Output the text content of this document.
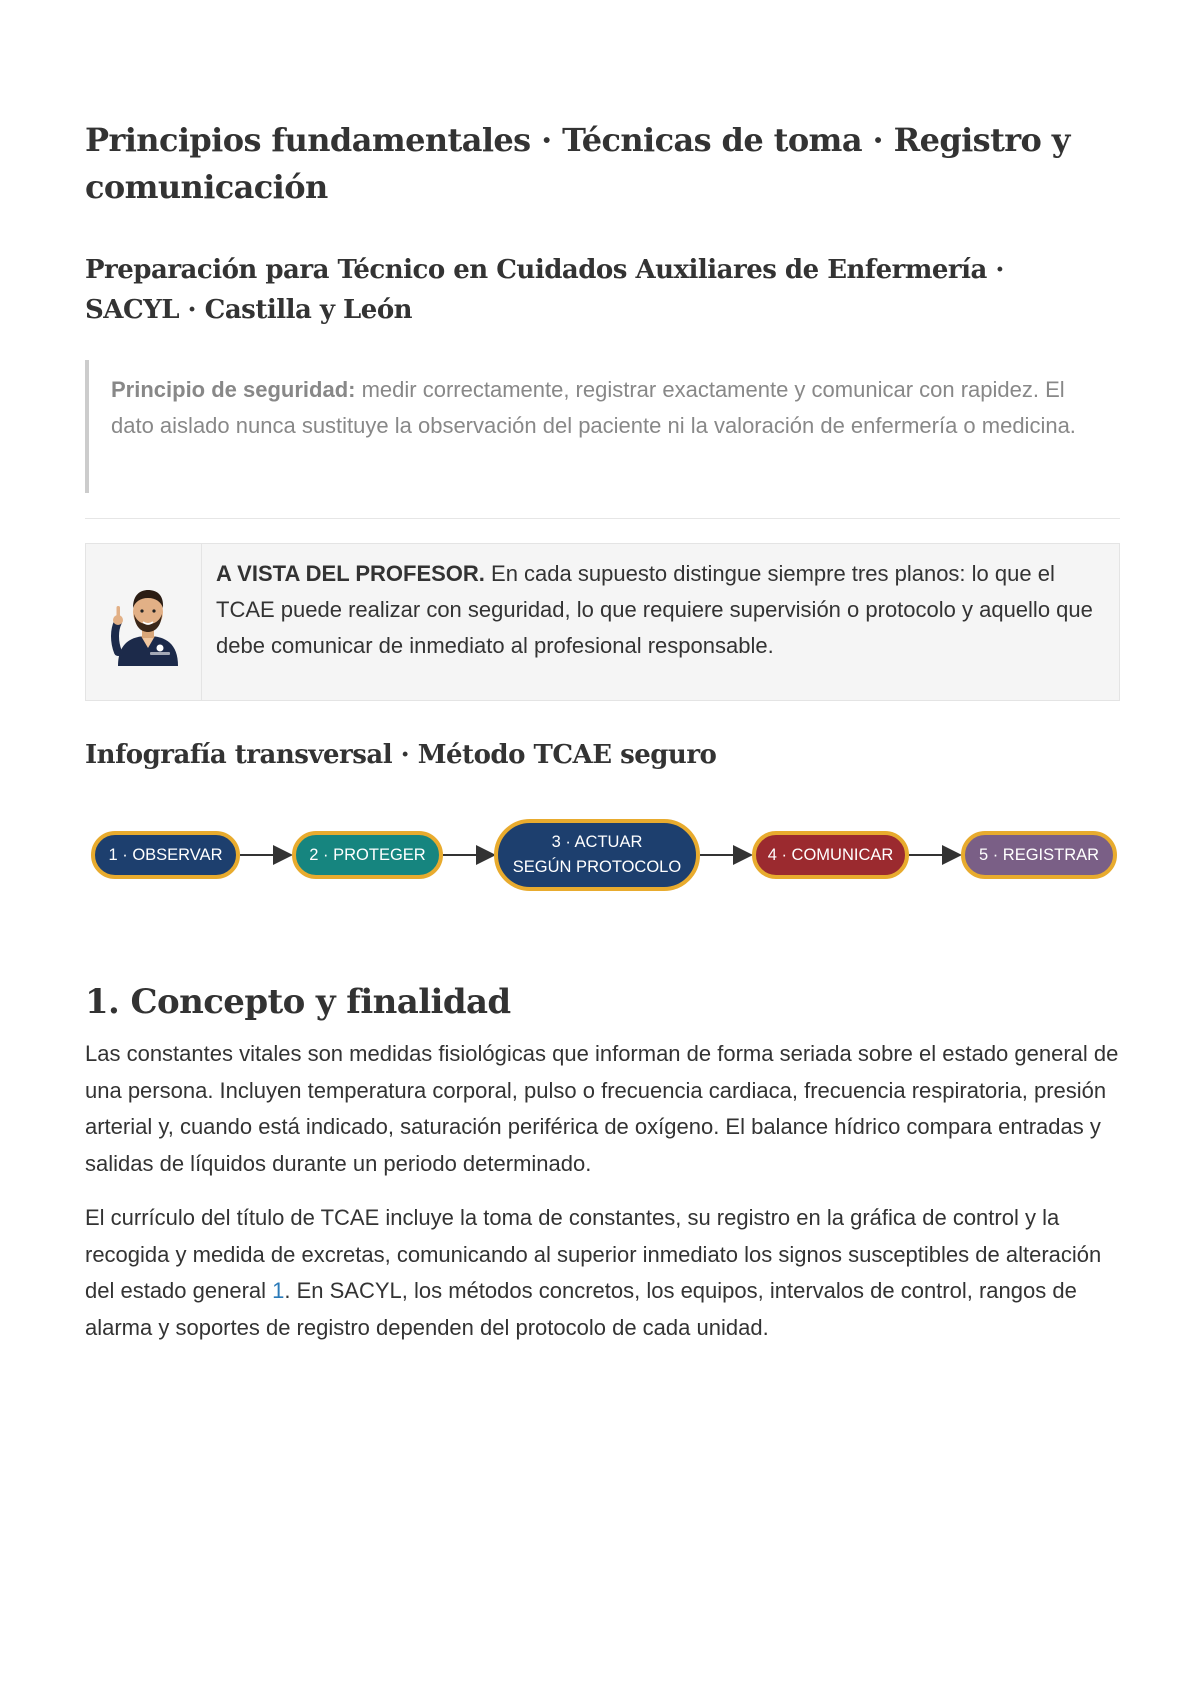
Principios fundamentales · Técnicas de toma · Registro y comunicación
Preparación para Técnico en Cuidados Auxiliares de Enfermería · SACYL · Castilla y León
Principio de seguridad: medir correctamente, registrar exactamente y comunicar con rapidez. El dato aislado nunca sustituye la observación del paciente ni la valoración de enfermería o medicina.
A VISTA DEL PROFESOR. En cada supuesto distingue siempre tres planos: lo que el TCAE puede realizar con seguridad, lo que requiere supervisión o protocolo y aquello que debe comunicar de inmediato al profesional responsable.
Infografía transversal · Método TCAE seguro
1 · OBSERVAR	2 · PROTEGER
3 · ACTUAR
SEGÚN PROTOCOLO
4 · COMUNICAR	5 · REGISTRAR
1. Concepto y finalidad

Las constantes vitales son medidas fisiológicas que informan de forma seriada sobre el estado general de una persona. Incluyen temperatura corporal, pulso o frecuencia cardiaca, frecuencia respiratoria, presión arterial y, cuando está indicado, saturación periférica de oxígeno. El balance hídrico compara entradas y salidas de líquidos durante un periodo determinado.

El currículo del título de TCAE incluye la toma de constantes, su registro en la gráfica de control y la recogida y medida de excretas, comunicando al superior inmediato los signos susceptibles de alteración del estado general 1. En SACYL, los métodos concretos, los equipos, intervalos de control, rangos de alarma y soportes de registro dependen del protocolo de cada unidad.
